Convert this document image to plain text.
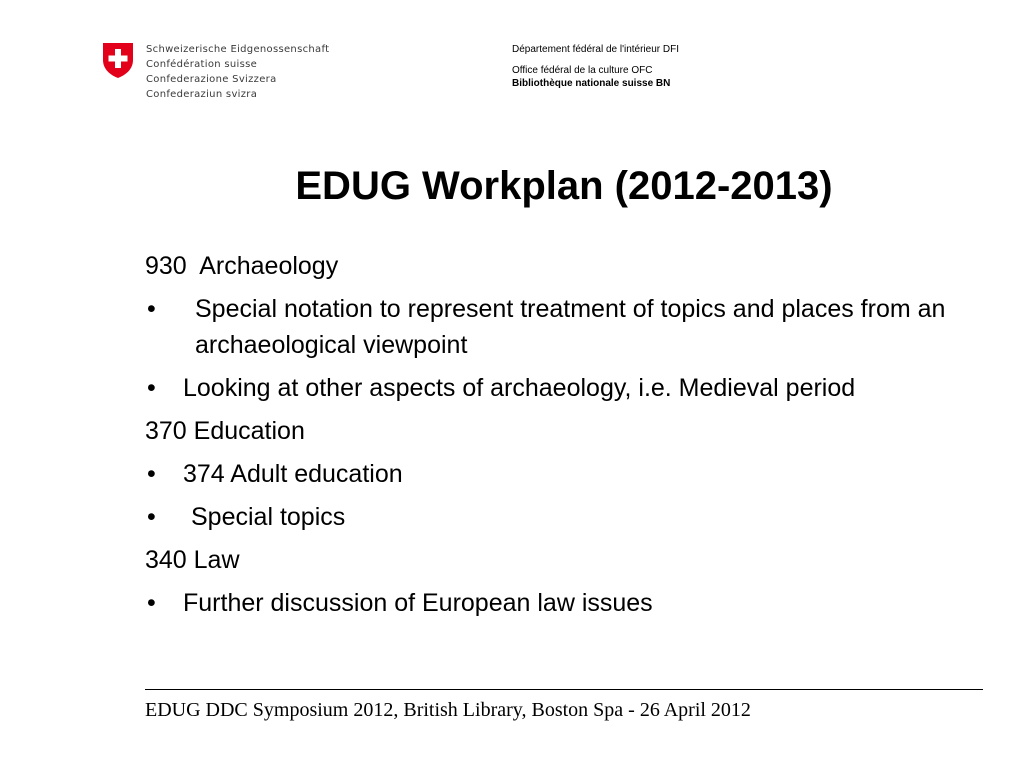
Schweizerische Eidgenossenschaft
Confédération suisse
Confederazione Svizzera
Confederaziun svizra
Département fédéral de l'intérieur DFI
Office fédéral de la culture OFC
Bibliothèque nationale suisse BN
EDUG Workplan (2012-2013)
930 Archaeology
•	Special notation to represent treatment of topics and places from an archaeological viewpoint
•	Looking at other aspects of archaeology, i.e. Medieval period
370 Education
•	374 Adult education
•	Special topics
340 Law
•	Further discussion of European law issues
EDUG DDC Symposium 2012, British Library, Boston Spa - 26 April 2012
